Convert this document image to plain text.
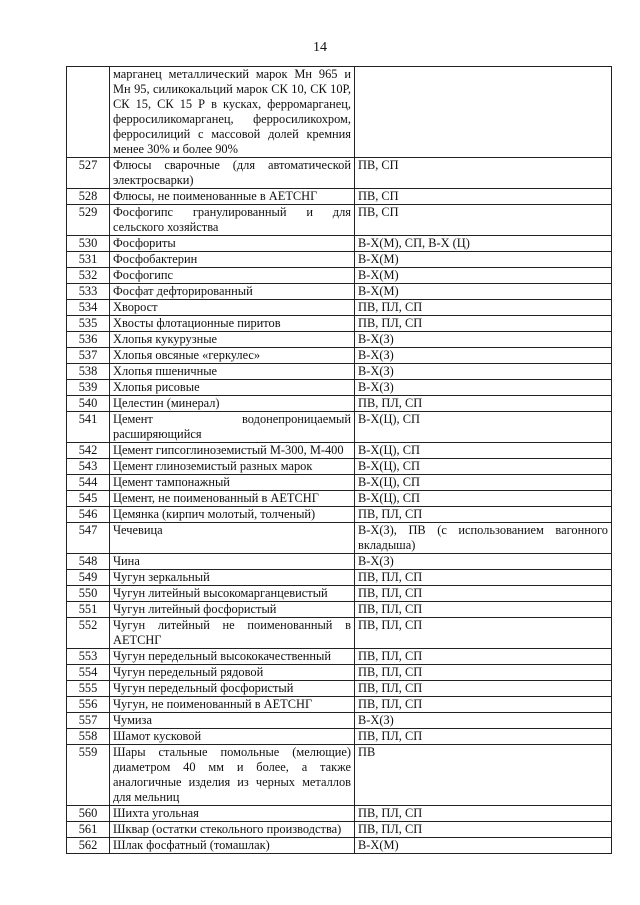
14
	марганец металлический марок Мн 965 и Мн 95, силикокальций марок СК 10, СК 10Р, СК 15, СК 15 Р в кусках, ферромарганец, ферросиликомарганец, ферросиликохром, ферросилиций с массовой долей кремния менее 30% и более 90%	
527	Флюсы сварочные (для автоматической электросварки)	ПВ, СП
528	Флюсы, не поименованные в АЕТСНГ	ПВ, СП
529	Фосфогипс гранулированный и для сельского хозяйства	ПВ, СП
530	Фосфориты	В-Х(М), СП, В-Х (Ц)
531	Фосфобактерин	В-Х(М)
532	Фосфогипс	В-Х(М)
533	Фосфат дефторированный	В-Х(М)
534	Хворост	ПВ, ПЛ, СП
535	Хвосты флотационные пиритов	ПВ, ПЛ, СП
536	Хлопья кукурузные	В-Х(З)
537	Хлопья овсяные «геркулес»	В-Х(З)
538	Хлопья пшеничные	В-Х(З)
539	Хлопья рисовые	В-Х(З)
540	Целестин (минерал)	ПВ, ПЛ, СП
541	Цемент водонепроницаемый расширяющийся	В-Х(Ц), СП
542	Цемент гипсоглиноземистый М-300, М-400	В-Х(Ц), СП
543	Цемент глиноземистый разных марок	В-Х(Ц), СП
544	Цемент тампонажный	В-Х(Ц), СП
545	Цемент, не поименованный в АЕТСНГ	В-Х(Ц), СП
546	Цемянка (кирпич молотый, толченый)	ПВ, ПЛ, СП
547	Чечевица	В-Х(З), ПВ (с использованием вагонного вкладыша)
548	Чина	В-Х(З)
549	Чугун зеркальный	ПВ, ПЛ, СП
550	Чугун литейный высокомарганцевистый	ПВ, ПЛ, СП
551	Чугун литейный фосфористый	ПВ, ПЛ, СП
552	Чугун литейный не поименованный в АЕТСНГ	ПВ, ПЛ, СП
553	Чугун передельный высококачественный	ПВ, ПЛ, СП
554	Чугун передельный рядовой	ПВ, ПЛ, СП
555	Чугун передельный фосфористый	ПВ, ПЛ, СП
556	Чугун, не поименованный в АЕТСНГ	ПВ, ПЛ, СП
557	Чумиза	В-Х(З)
558	Шамот кусковой	ПВ, ПЛ, СП
559	Шары стальные помольные (мелющие) диаметром 40 мм и более, а также аналогичные изделия из черных металлов для мельниц	ПВ
560	Шихта угольная	ПВ, ПЛ, СП
561	Шквар (остатки стекольного производства)	ПВ, ПЛ, СП
562	Шлак фосфатный (томашлак)	В-Х(М)
